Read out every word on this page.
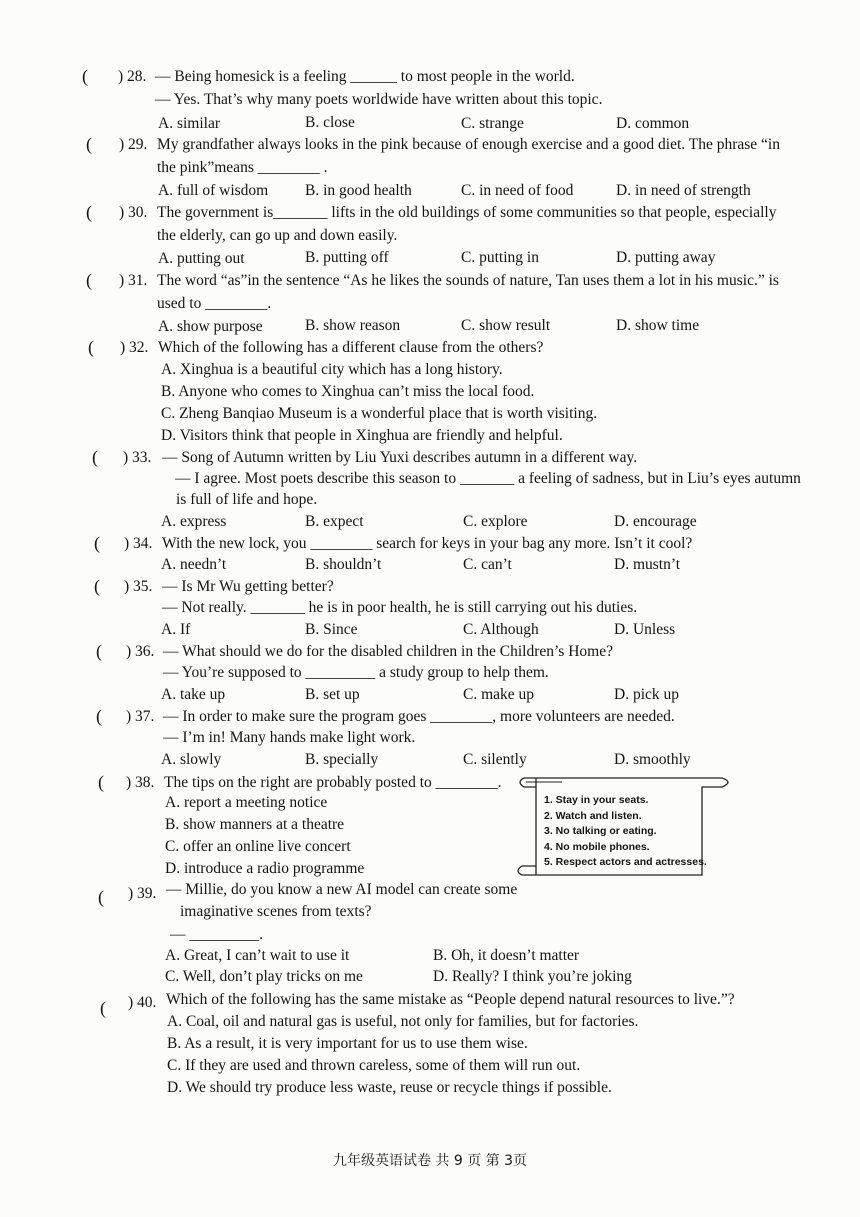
( ) 28. — Being homesick is a feeling ______ to most people in the world.
— Yes. That’s why many poets worldwide have written about this topic.
A. similar	B. close	C. strange	D. common
( ) 29. My grandfather always looks in the pink because of enough exercise and a good diet. The phrase “in
the pink”means ________ .
A. full of wisdom B. in good health	C. in need of food	D. in need of strength
( ) 30. The government is_______ lifts in the old buildings of some communities so that people, especially
the elderly, can go up and down easily.
A. putting out	B. putting off	C. putting in	D. putting away
( ) 31. The word “as”in the sentence “As he likes the sounds of nature, Tan uses them a lot in his music.” is
used to ________.
A. show purpose	B. show reason	C. show result	D. show time
( ) 32. Which of the following has a different clause from the others?
A. Xinghua is a beautiful city which has a long history.
B. Anyone who comes to Xinghua can’t miss the local food.
C. Zheng Banqiao Museum is a wonderful place that is worth visiting.
D. Visitors think that people in Xinghua are friendly and helpful.
( ) 33. — Song of Autumn written by Liu Yuxi describes autumn in a different way.
— I agree. Most poets describe this season to _______ a feeling of sadness, but in Liu’s eyes autumn
is full of life and hope.
A. express	B. expect	C. explore	D. encourage
( ) 34. With the new lock, you ________ search for keys in your bag any more. Isn’t it cool?
A. needn’t	B. shouldn’t	C. can’t	D. mustn’t
( ) 35. — Is Mr Wu getting better?
— Not really. _______ he is in poor health, he is still carrying out his duties.
A. If	B. Since	C. Although	D. Unless
( ) 36. — What should we do for the disabled children in the Children’s Home?
— You’re supposed to _________ a study group to help them.
A. take up	B. set up	C. make up	D. pick up
( ) 37. — In order to make sure the program goes ________, more volunteers are needed.
— I’m in! Many hands make light work.
A. slowly	B. specially	C. silently	D. smoothly
( ) 38. The tips on the right are probably posted to ________.
A. report a meeting notice
B. show manners at a theatre
C. offer an online live concert
D. introduce a radio programme
1. Stay in your seats.
2. Watch and listen.
3. No talking or eating.
4. No mobile phones.
5. Respect actors and actresses.
( ) 39. — Millie, do you know a new AI model can create some
imaginative scenes from texts?
— _________.
A. Great, I can’t wait to use it	B. Oh, it doesn’t matter
C. Well, don’t play tricks on me	D. Really? I think you’re joking
( ) 40. Which of the following has the same mistake as “People depend natural resources to live.”?
A. Coal, oil and natural gas is useful, not only for families, but for factories.
B. As a result, it is very important for us to use them wise.
C. If they are used and thrown careless, some of them will run out.
D. We should try produce less waste, reuse or recycle things if possible.
九年级英语试卷 共 9 页 第 3页
